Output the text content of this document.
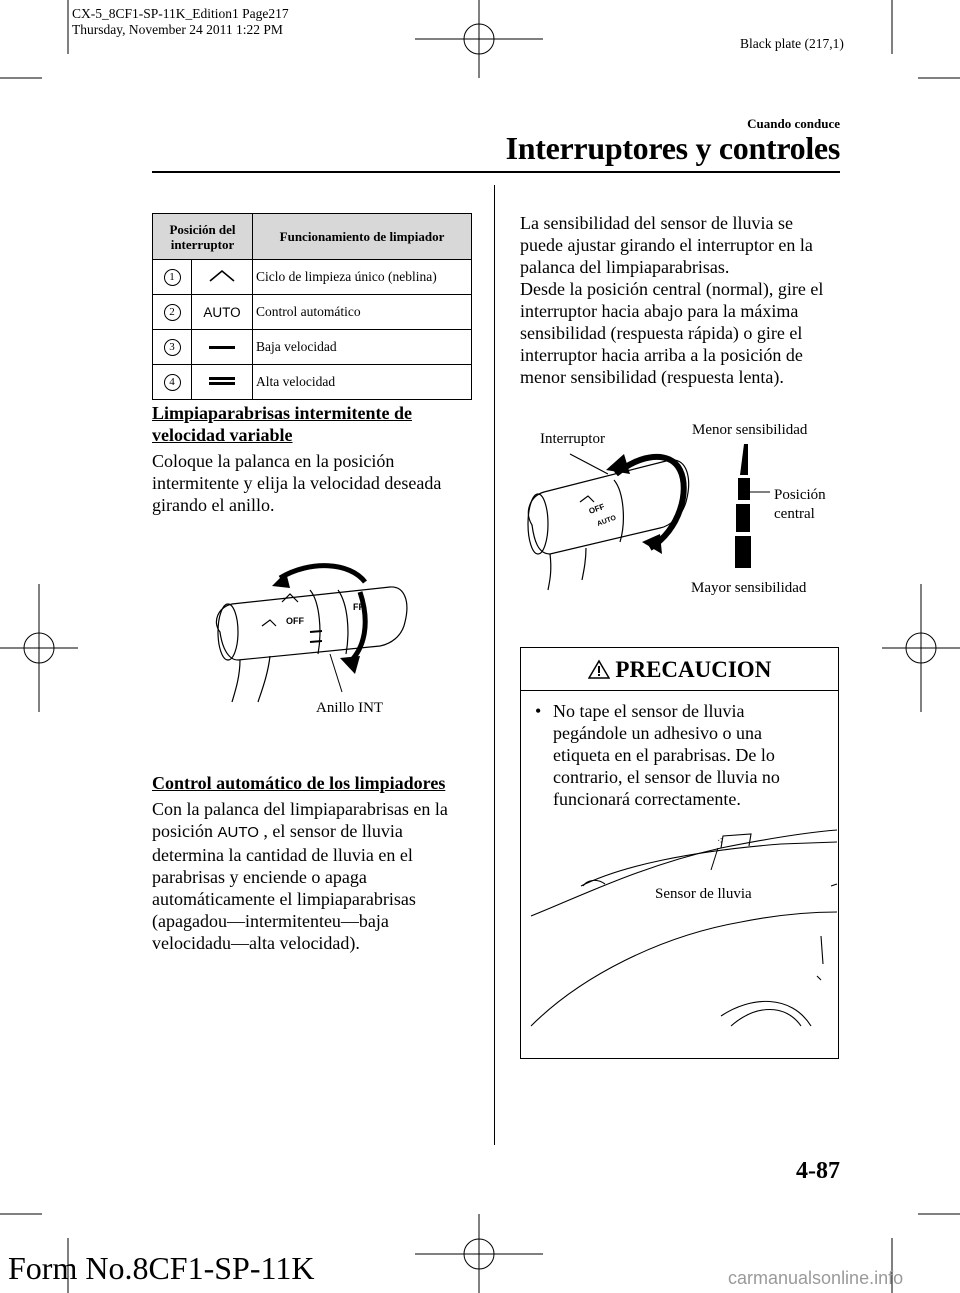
CX-5_8CF1-SP-11K_Edition1 Page217
Thursday, November 24 2011 1:22 PM
Black plate (217,1)
Cuando conduce
Interruptores y controles
Posición del interruptor		Funcionamiento de limpiador
1		Ciclo de limpieza único (neblina)
2	AUTO	Control automático
3		Baja velocidad
4		Alta velocidad
Limpiaparabrisas intermitente de
velocidad variable
Coloque la palanca en la posición
intermitente y elija la velocidad deseada
girando el anillo.
OFF
FF
Anillo INT
Control automático de los limpiadores
Con la palanca del limpiaparabrisas en la
posición AUTO , el sensor de lluvia
determina la cantidad de lluvia en el
parabrisas y enciende o apaga
automáticamente el limpiaparabrisas
(apagadou―intermitenteu―baja
velocidadu―alta velocidad).
La sensibilidad del sensor de lluvia se
puede ajustar girando el interruptor en la
palanca del limpiaparabrisas.
Desde la posición central (normal), gire el
interruptor hacia abajo para la máxima
sensibilidad (respuesta rápida) o gire el
interruptor hacia arriba a la posición de
menor sensibilidad (respuesta lenta).
OFF
AUTO
Interruptor
Menor sensibilidad
Posición
central
Mayor sensibilidad
PRECAUCION
• No tape el sensor de lluvia
pegándole un adhesivo o una
etiqueta en el parabrisas. De lo
contrario, el sensor de lluvia no
funcionará correctamente.
⁖
Sensor de lluvia
4-87
Form No.8CF1-SP-11K	carmanualsonline.info
